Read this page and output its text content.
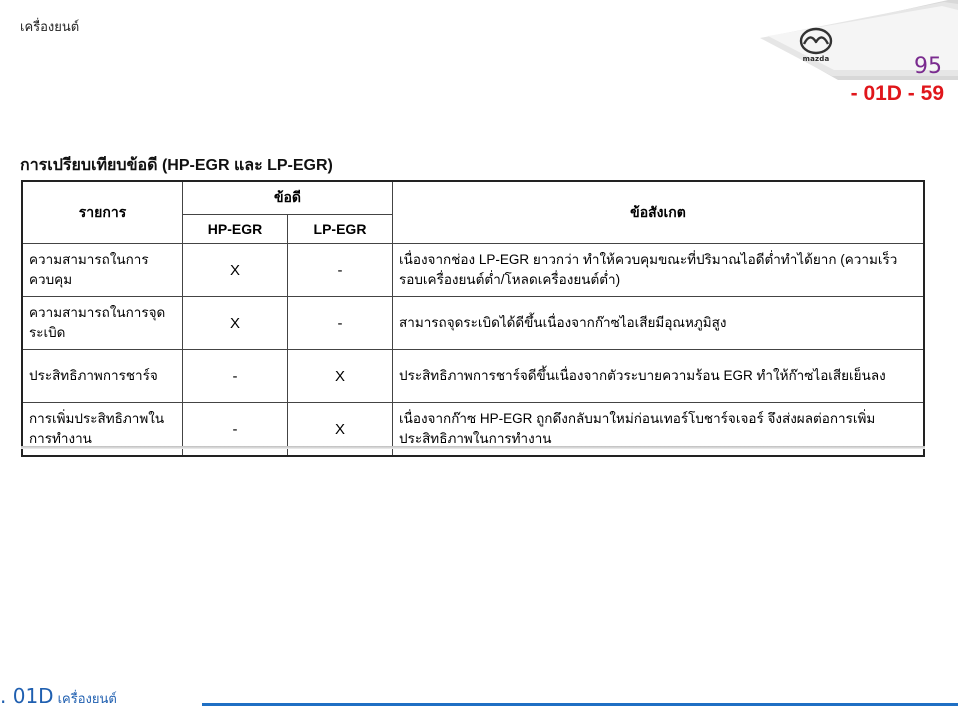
เครื่องยนต์
mazda	95
- 01D - 59
การเปรียบเทียบข้อดี (HP-EGR และ LP-EGR)
รายการ	ข้อดี		ข้อสังเกต
	HP-EGR	LP-EGR	
ความสามารถในการควบคุม	X	-	เนื่องจากช่อง LP-EGR ยาวกว่า ทำให้ควบคุมขณะที่ปริมาณไอดีต่ำทำได้ยาก (ความเร็วรอบเครื่องยนต์ต่ำ/โหลดเครื่องยนต์ต่ำ)
ความสามารถในการจุดระเบิด	X	-	สามารถจุดระเบิดได้ดีขึ้นเนื่องจากก๊าซไอเสียมีอุณหภูมิสูง
ประสิทธิภาพการชาร์จ	-	X	ประสิทธิภาพการชาร์จดีขึ้นเนื่องจากตัวระบายความร้อน EGR ทำให้ก๊าซไอเสียเย็นลง
การเพิ่มประสิทธิภาพในการทำงาน	-	X	เนื่องจากก๊าซ HP-EGR ถูกดึงกลับมาใหม่ก่อนเทอร์โบชาร์จเจอร์ จึงส่งผลต่อการเพิ่มประสิทธิภาพในการทำงาน
. 01D เครื่องยนต์
